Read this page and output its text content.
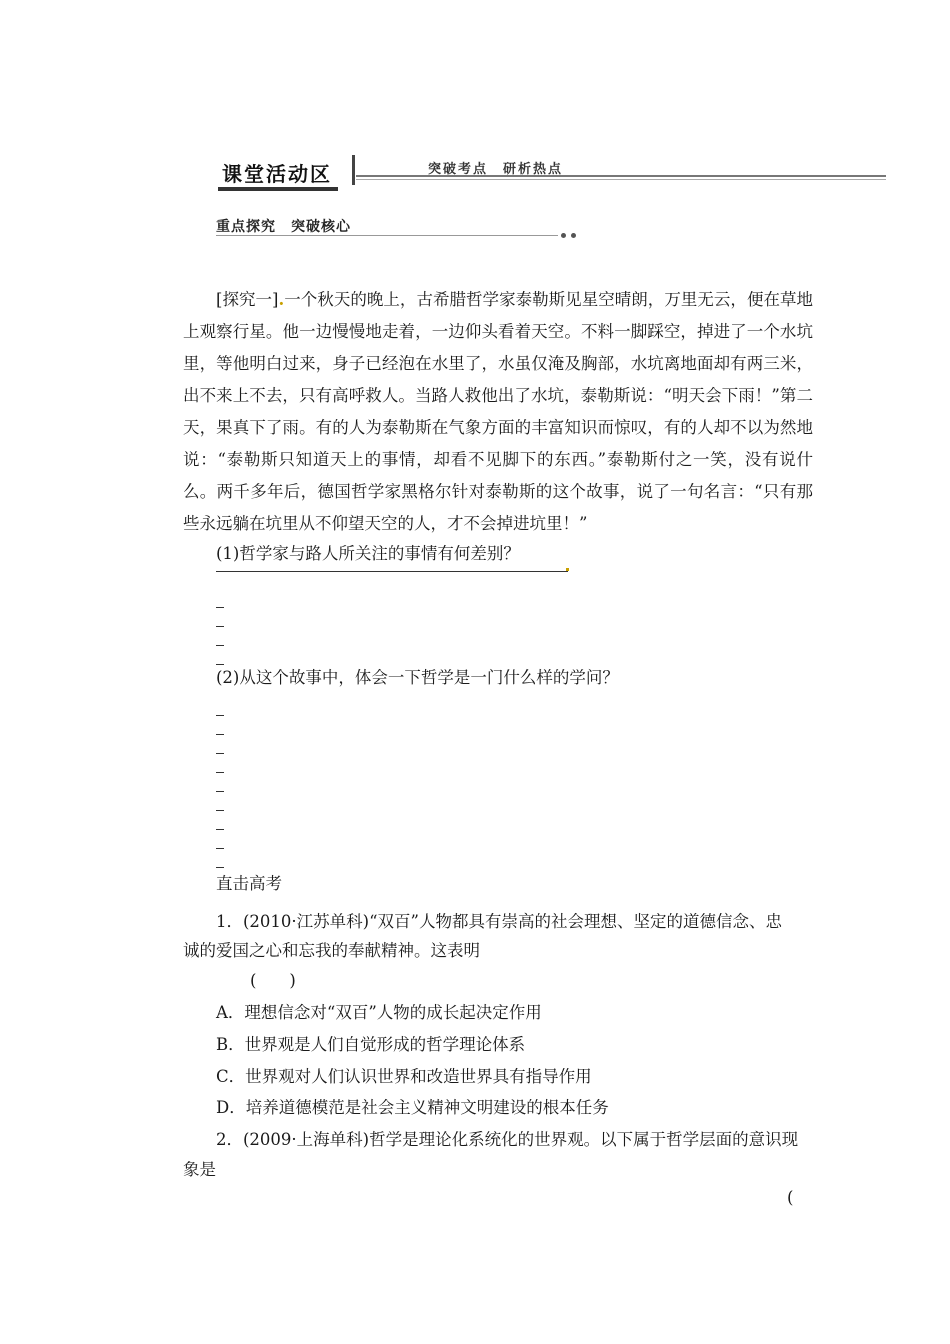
课堂活动区	突破考点　研析热点
重点探究　突破核心
[探究一].一个秋天的晚上，古希腊哲学家泰勒斯见星空晴朗，万里无云，便在草地上观察行星。他一边慢慢地走着，一边仰头看着天空。不料一脚踩空，掉进了一个水坑里，等他明白过来，身子已经泡在水里了，水虽仅淹及胸部，水坑离地面却有两三米，出不来上不去，只有高呼救人。当路人救他出了水坑，泰勒斯说：“明天会下雨！”第二天，果真下了雨。有的人为泰勒斯在气象方面的丰富知识而惊叹，有的人却不以为然地说：“泰勒斯只知道天上的事情，却看不见脚下的东西。”泰勒斯付之一笑，没有说什么。两千多年后，德国哲学家黑格尔针对泰勒斯的这个故事，说了一句名言：“只有那些永远躺在坑里从不仰望天空的人，才不会掉进坑里！”
(1)哲学家与路人所关注的事情有何差别？
(2)从这个故事中，体会一下哲学是一门什么样的学问？
直击高考
1．(2010·江苏单科)“双百”人物都具有崇高的社会理想、坚定的道德信念、忠
诚的爱国之心和忘我的奉献精神。这表明
(　　)
A．理想信念对“双百”人物的成长起决定作用
B．世界观是人们自觉形成的哲学理论体系
C．世界观对人们认识世界和改造世界具有指导作用
D．培养道德模范是社会主义精神文明建设的根本任务
2．(2009·上海单科)哲学是理论化系统化的世界观。以下属于哲学层面的意识现
象是
(
